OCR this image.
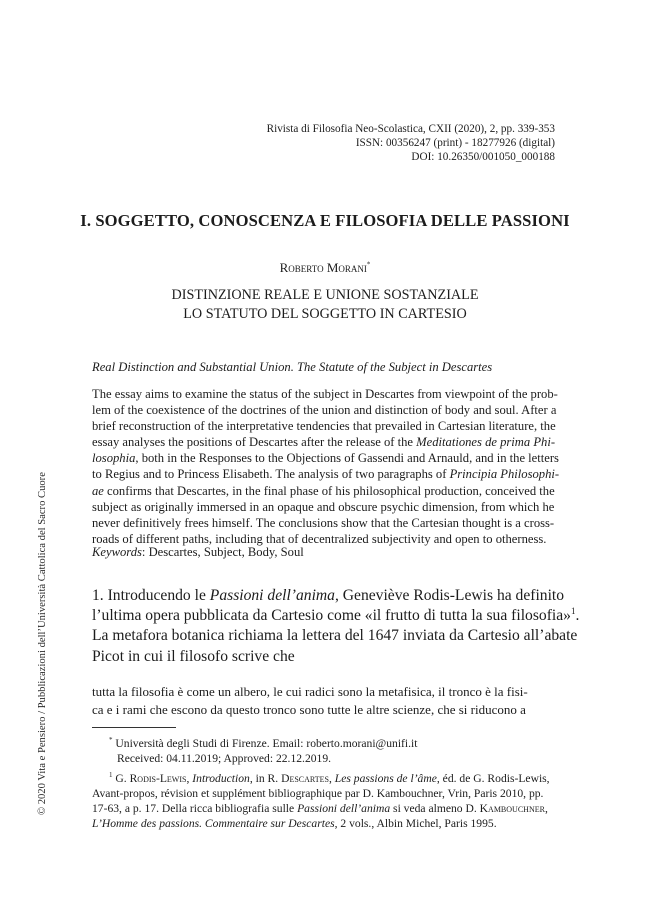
Rivista di Filosofia Neo-Scolastica, CXII (2020), 2, pp. 339-353
ISSN: 00356247 (print) - 18277926 (digital)
DOI: 10.26350/001050_000188
I. SOGGETTO, CONOSCENZA E FILOSOFIA DELLE PASSIONI
Roberto Morani*
DISTINZIONE REALE E UNIONE SOSTANZIALE
LO STATUTO DEL SOGGETTO IN CARTESIO
Real Distinction and Substantial Union. The Statute of the Subject in Descartes
The essay aims to examine the status of the subject in Descartes from viewpoint of the prob-
lem of the coexistence of the doctrines of the union and distinction of body and soul. After a
brief reconstruction of the interpretative tendencies that prevailed in Cartesian literature, the
essay analyses the positions of Descartes after the release of the Meditationes de prima Phi-
losophia, both in the Responses to the Objections of Gassendi and Arnauld, and in the letters
to Regius and to Princess Elisabeth. The analysis of two paragraphs of Principia Philosophi-
ae confirms that Descartes, in the final phase of his philosophical production, conceived the
subject as originally immersed in an opaque and obscure psychic dimension, from which he
never definitively frees himself. The conclusions show that the Cartesian thought is a cross-
roads of different paths, including that of decentralized subjectivity and open to otherness.
Keywords: Descartes, Subject, Body, Soul
1. Introducendo le Passioni dell’anima, Geneviève Rodis-Lewis ha definito
l’ultima opera pubblicata da Cartesio come «il frutto di tutta la sua filosofia»$^1$.
La metafora botanica richiama la lettera del 1647 inviata da Cartesio all’abate
Picot in cui il filosofo scrive che
tutta la filosofia è come un albero, le cui radici sono la metafisica, il tronco è la fisi-
ca e i rami che escono da questo tronco sono tutte le altre scienze, che si riducono a
* Università degli Studi di Firenze. Email: roberto.morani@unifi.it
Received: 04.11.2019; Approved: 22.12.2019.
$^1$ G. Rodis-Lewis, Introduction, in R. Descartes, Les passions de l’âme, éd. de G. Rodis-Lewis,
Avant-propos, révision et supplément bibliographique par D. Kambouchner, Vrin, Paris 2010, pp.
17-63, a p. 17. Della ricca bibliografia sulle Passioni dell’anima si veda almeno D. Kambouchner,
L’Homme des passions. Commentaire sur Descartes, 2 vols., Albin Michel, Paris 1995.
© 2020 Vita e Pensiero / Pubblicazioni dell’Università Cattolica del Sacro Cuore
